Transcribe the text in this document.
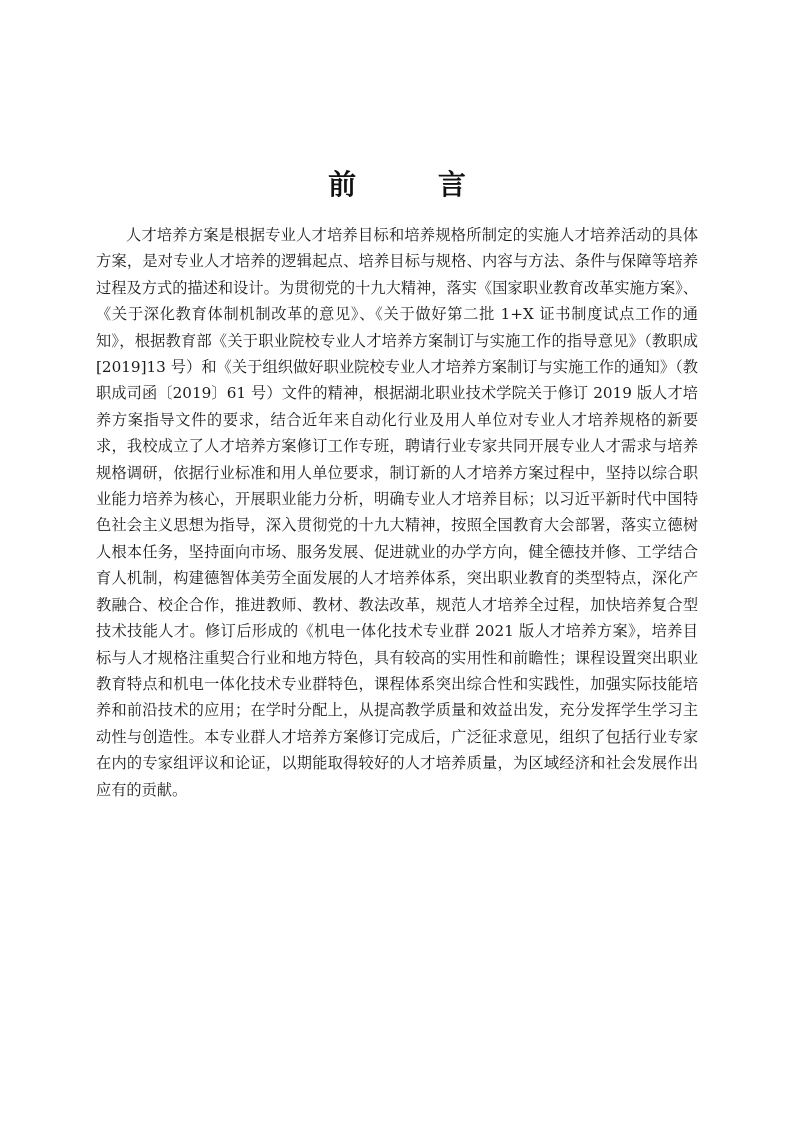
前 言

人才培养方案是根据专业人才培养目标和培养规格所制定的实施人才培养活动的具体方案，是对专业人才培养的逻辑起点、培养目标与规格、内容与方法、条件与保障等培养过程及方式的描述和设计。为贯彻党的十九大精神，落实《国家职业教育改革实施方案》、《关于深化教育体制机制改革的意见》、《关于做好第二批 1+X 证书制度试点工作的通知》，根据教育部《关于职业院校专业人才培养方案制订与实施工作的指导意见》（教职成[2019]13 号）和《关于组织做好职业院校专业人才培养方案制订与实施工作的通知》（教职成司函〔2019〕61 号）文件的精神，根据湖北职业技术学院关于修订 2019 版人才培养方案指导文件的要求，结合近年来自动化行业及用人单位对专业人才培养规格的新要求，我校成立了人才培养方案修订工作专班，聘请行业专家共同开展专业人才需求与培养规格调研，依据行业标准和用人单位要求，制订新的人才培养方案过程中，坚持以综合职业能力培养为核心，开展职业能力分析，明确专业人才培养目标；以习近平新时代中国特色社会主义思想为指导，深入贯彻党的十九大精神，按照全国教育大会部署，落实立德树人根本任务，坚持面向市场、服务发展、促进就业的办学方向，健全德技并修、工学结合育人机制，构建德智体美劳全面发展的人才培养体系，突出职业教育的类型特点，深化产教融合、校企合作，推进教师、教材、教法改革，规范人才培养全过程，加快培养复合型技术技能人才。修订后形成的《机电一体化技术专业群 2021 版人才培养方案》，培养目标与人才规格注重契合行业和地方特色，具有较高的实用性和前瞻性；课程设置突出职业教育特点和机电一体化技术专业群特色，课程体系突出综合性和实践性，加强实际技能培养和前沿技术的应用；在学时分配上，从提高教学质量和效益出发，充分发挥学生学习主动性与创造性。本专业群人才培养方案修订完成后，广泛征求意见，组织了包括行业专家在内的专家组评议和论证，以期能取得较好的人才培养质量，为区域经济和社会发展作出应有的贡献。
